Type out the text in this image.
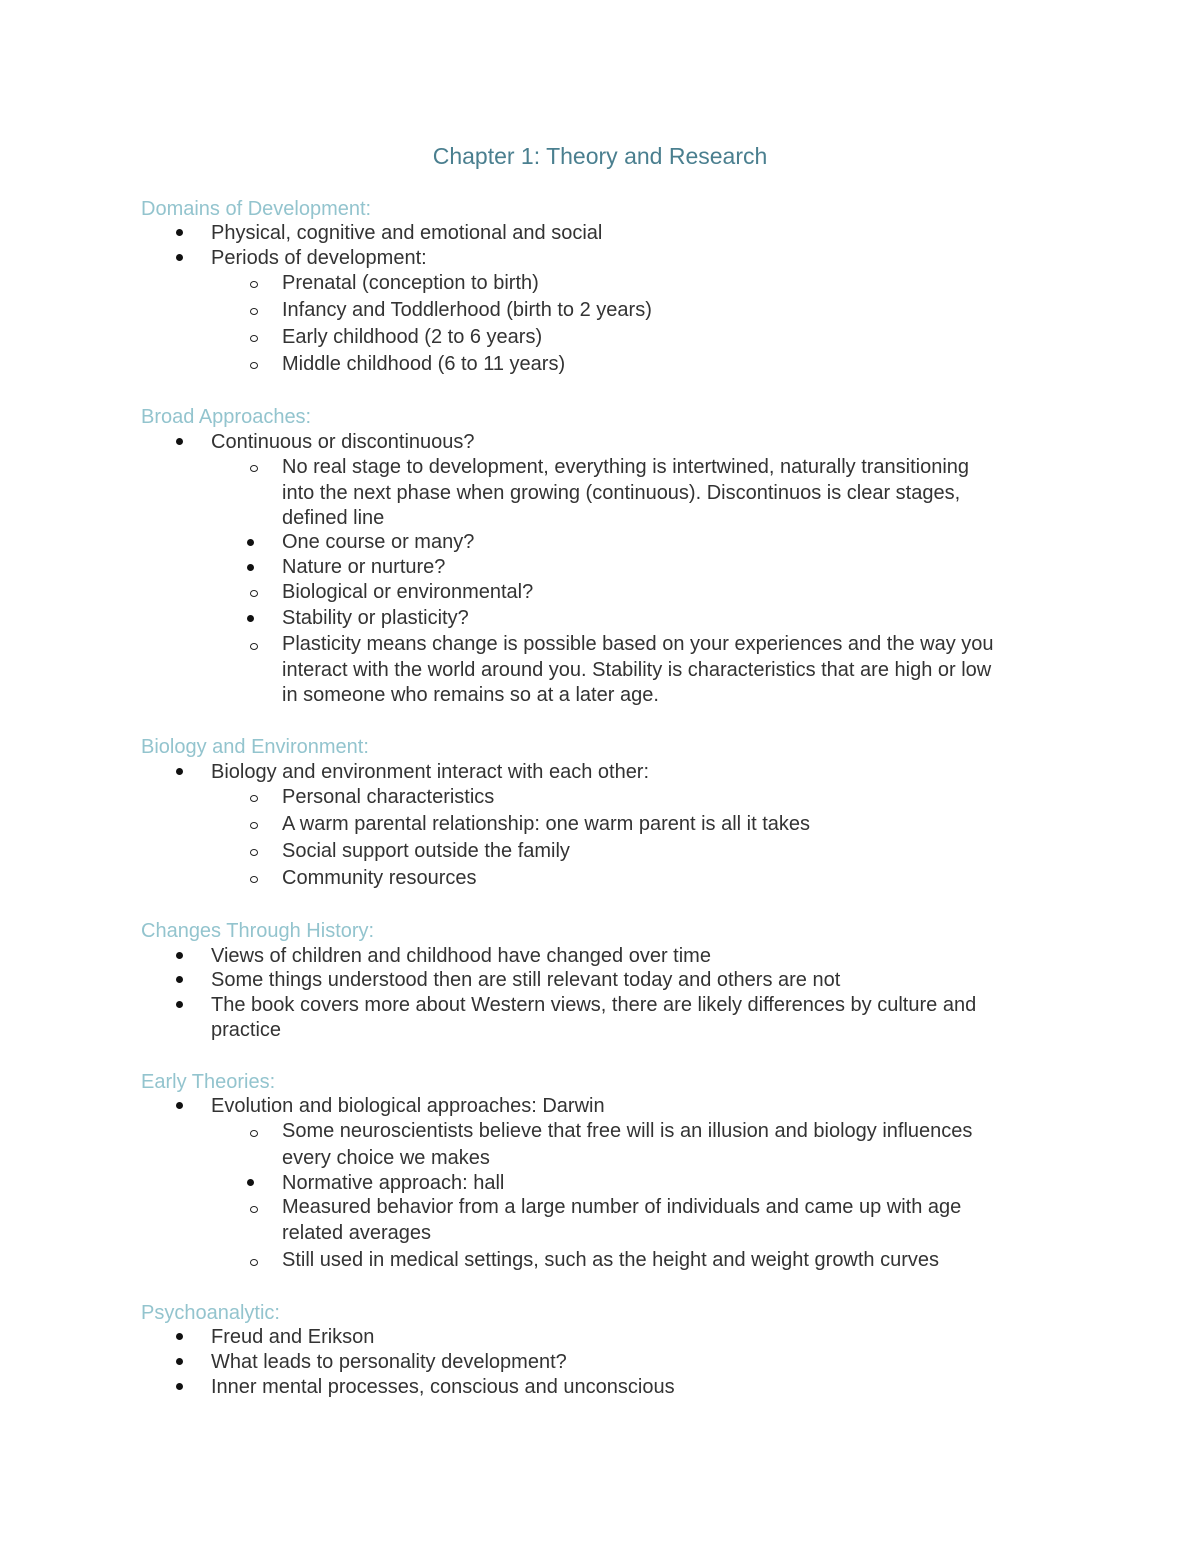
Chapter 1: Theory and Research
Domains of Development:
Physical, cognitive and emotional and social
Periods of development:
Prenatal (conception to birth)
Infancy and Toddlerhood (birth to 2 years)
Early childhood (2 to 6 years)
Middle childhood (6 to 11 years)
Broad Approaches:
Continuous or discontinuous?
No real stage to development, everything is intertwined, naturally transitioning
into the next phase when growing (continuous). Discontinuos is clear stages,
defined line
One course or many?
Nature or nurture?
Biological or environmental?
Stability or plasticity?
Plasticity means change is possible based on your experiences and the way you
interact with the world around you. Stability is characteristics that are high or low
in someone who remains so at a later age.
Biology and Environment:
Biology and environment interact with each other:
Personal characteristics
A warm parental relationship: one warm parent is all it takes
Social support outside the family
Community resources
Changes Through History:
Views of children and childhood have changed over time
Some things understood then are still relevant today and others are not
The book covers more about Western views, there are likely differences by culture and
practice
Early Theories:
Evolution and biological approaches: Darwin
Some neuroscientists believe that free will is an illusion and biology influences
every choice we makes
Normative approach: hall
Measured behavior from a large number of individuals and came up with age
related averages
Still used in medical settings, such as the height and weight growth curves
Psychoanalytic:
Freud and Erikson
What leads to personality development?
Inner mental processes, conscious and unconscious
